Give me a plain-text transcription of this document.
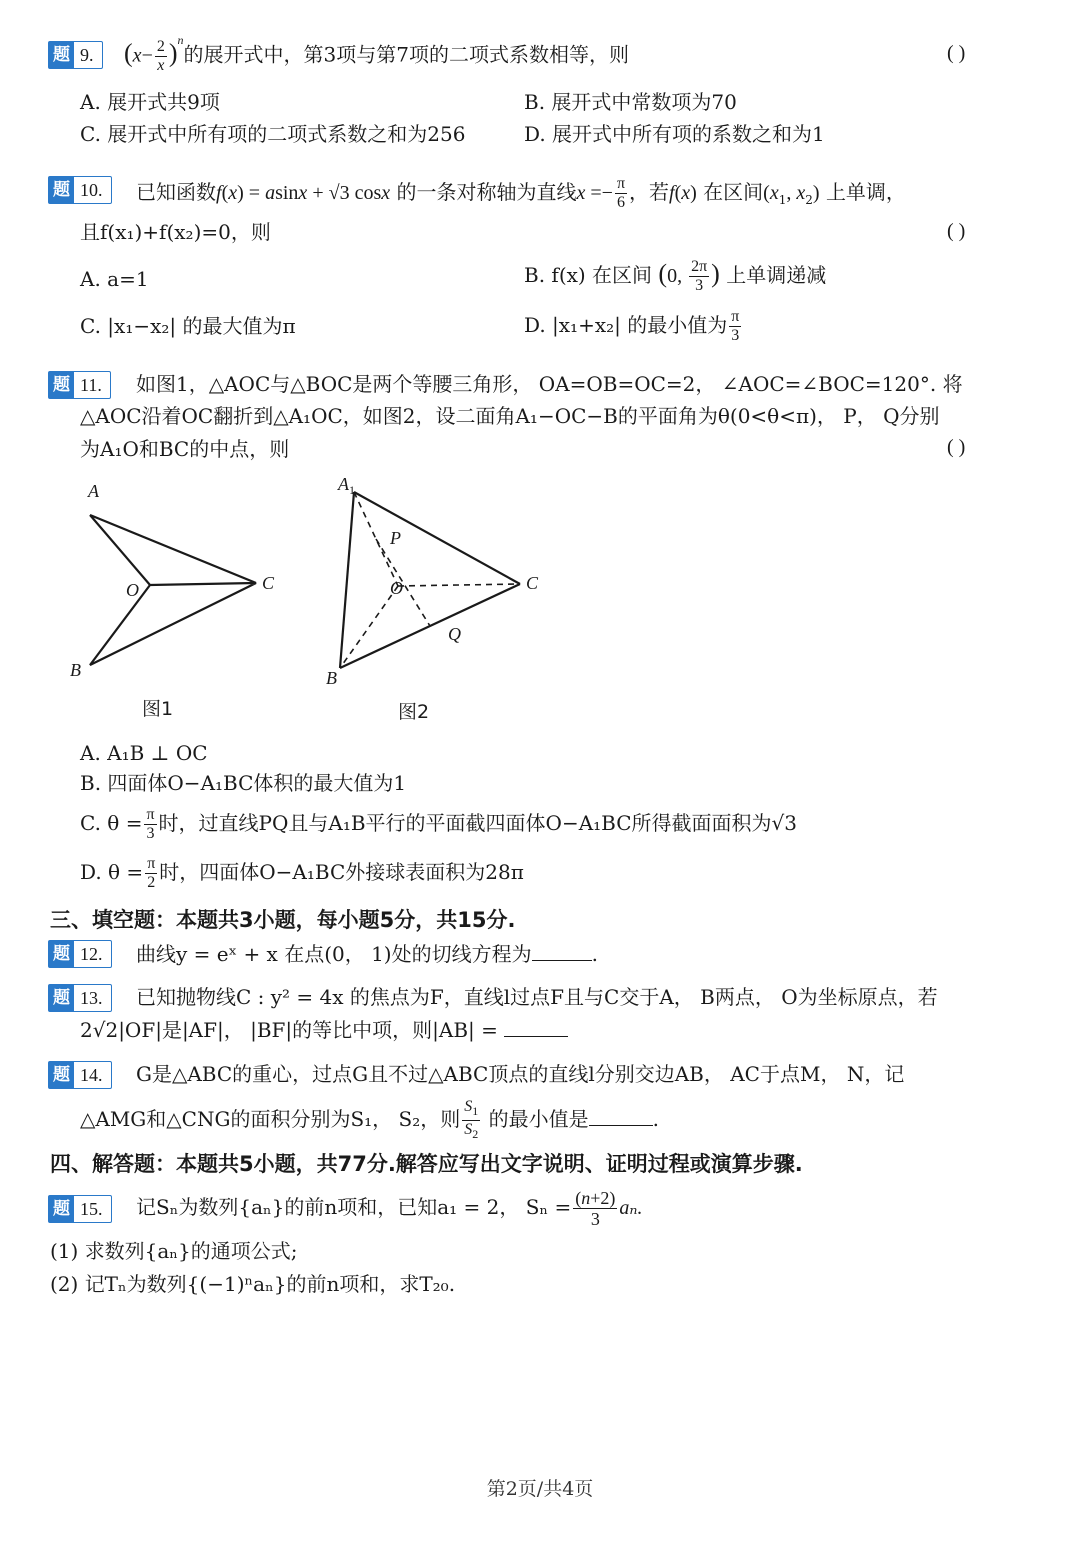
题 9.	$(x- \frac{2}{x} )^n$的展开式中，第3项与第7项的二项式系数相等，则	( )
A. 展开式共9项	B. 展开式中常数项为70
C. 展开式中所有项的二项式系数之和为256	D. 展开式中所有项的系数之和为1
题 10.	已知函数f(x) = asinx + √3 cosx 的一条对称轴为直线$x =- \frac{\pi}{6}$ ，若f(x) 在区间($x_1$, $x_2$) 上单调，
且f(x₁)+f(x₂)=0，则	( )
A. a=1	B. f(x) 在区间 (0, $\frac{2\pi}{3}$ ) 上单调递减
C. |x₁−x₂| 的最大值为π	D. |x₁+x₂| 的最小值为 $\frac{\pi}{3}$
题 11.	如图1，△AOC与△BOC是两个等腰三角形， OA=OB=OC=2， ∠AOC=∠BOC=120°. 将
△AOC沿着OC翻折到△A₁OC，如图2，设二面角A₁−OC−B的平面角为θ(0<θ<π)， P， Q分别
为A₁O和BC的中点，则	( )
A
O	C
B
图1
$A_1$
P
O	C
Q
B
图2
A. A₁B ⊥ OC
B. 四面体O−A₁BC体积的最大值为1
C. $\theta = \frac{\pi}{3}$ 时，过直线PQ且与A₁B平行的平面截四面体O−A₁BC所得截面面积为√3
D. $\theta = \frac{\pi}{2}$ 时，四面体O−A₁BC外接球表面积为28π
三、填空题：本题共3小题，每小题5分，共15分.
题 12.	曲线y = eˣ + x 在点(0， 1)处的切线方程为	.
题 13.	已知抛物线C : y² = 4x 的焦点为F，直线l过点F且与C交于A， B两点， O为坐标原点，若
2√2|OF|是|AF|， |BF|的等比中项，则|AB| =
题 14.	G是△ABC的重心，过点G且不过△ABC顶点的直线l分别交边AB， AC于点M， N，记
△AMG和△CNG的面积分别为S₁， S₂，则 $\frac{S_1}{S_2}$ 的最小值是	.
四、解答题：本题共5小题，共77分.解答应写出文字说明、证明过程或演算步骤.
题 15.	记Sₙ为数列{aₙ}的前n项和，已知a₁ = 2， $S_n = \frac{(n+2)}{3} a_n$.
(1) 求数列{aₙ}的通项公式;
(2) 记Tₙ为数列{(−1)ⁿaₙ}的前n项和，求T₂₀.
第2页/共4页
